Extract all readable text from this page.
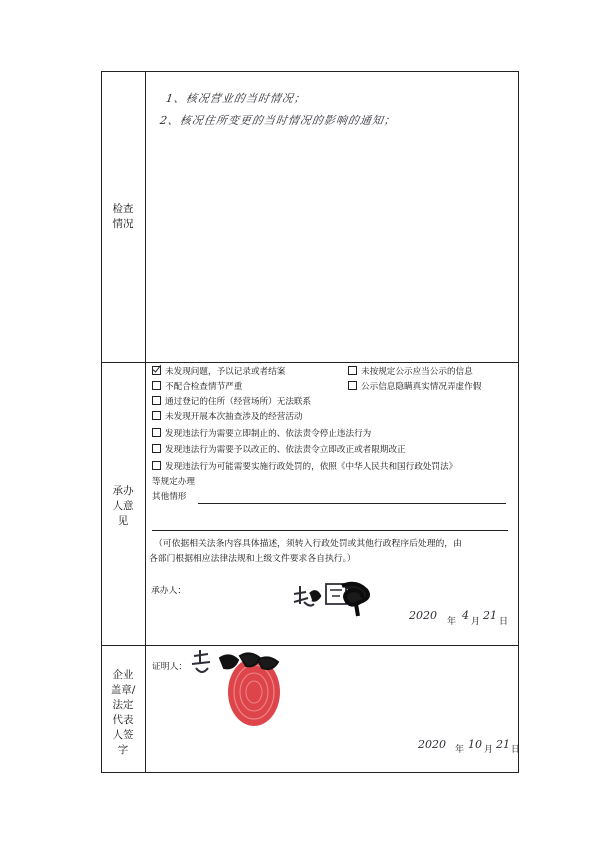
检查
情况
1、核况营业的当时情况；
2、核况住所变更的当时情况的影响的通知；
承办
人意
见
未发现问题，予以记录或者结案	未按规定公示应当公示的信息
不配合检查情节严重	公示信息隐瞒真实情况弄虚作假
通过登记的住所（经营场所）无法联系
未发现开展本次抽查涉及的经营活动
发现违法行为需要立即制止的、依法责令停止违法行为
发现违法行为需要予以改正的、依法责令立即改正或者限期改正
发现违法行为可能需要实施行政处罚的，依照《中华人民共和国行政处罚法》
等规定办理
其他情形
（可依据相关法条内容具体描述，须转入行政处罚或其他行政程序后处理的，由
各部门根据相应法律法规和上级文件要求各自执行。）
承办人：
2020 年 4 月 21 日
企业
盖章/
法定
代表
人签
字
证明人：
2020 年 10 月 21 日
